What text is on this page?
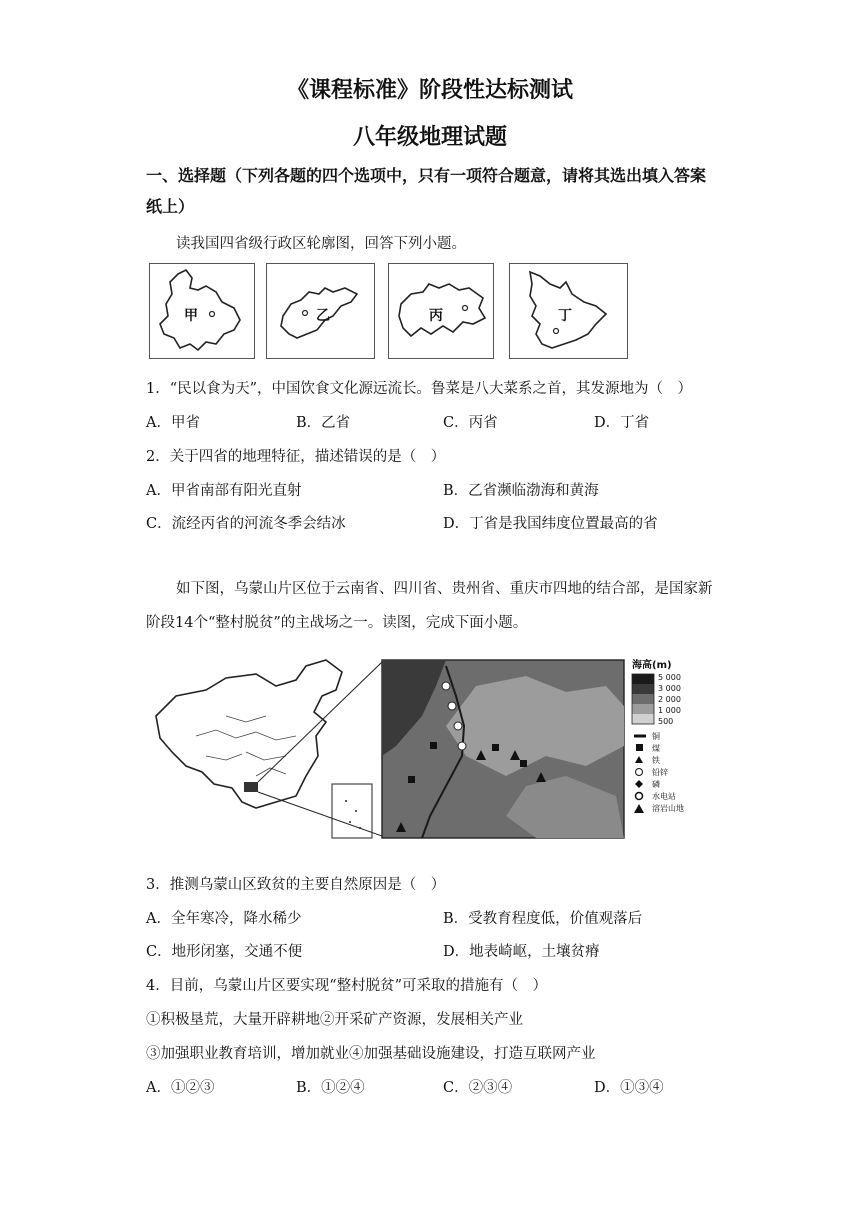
《课程标准》阶段性达标测试
八年级地理试题
一、选择题（下列各题的四个选项中，只有一项符合题意，请将其选出填入答案纸上）
读我国四省级行政区轮廓图，回答下列小题。
甲	乙	丙	丁
1．“民以食为天”，中国饮食文化源远流长。鲁菜是八大菜系之首，其发源地为（　）
A．甲省	B．乙省	C．丙省	D．丁省
2．关于四省的地理特征，描述错误的是（　）
A．甲省南部有阳光直射	B．乙省濒临渤海和黄海
C．流经丙省的河流冬季会结冰	D．丁省是我国纬度位置最高的省
如下图，乌蒙山片区位于云南省、四川省、贵州省、重庆市四地的结合部，是国家新阶段14个“整村脱贫”的主战场之一。读图，完成下面小题。
海高(m)
5 000
3 000
2 000
1 000
500
铜
煤
铁
铅锌
磷
水电站
溶岩山地
3．推测乌蒙山区致贫的主要自然原因是（　）
A．全年寒冷，降水稀少	B．受教育程度低，价值观落后
C．地形闭塞，交通不便	D．地表崎岖，土壤贫瘠
4．目前，乌蒙山片区要实现“整村脱贫”可采取的措施有（　）
①积极垦荒，大量开辟耕地②开采矿产资源，发展相关产业
③加强职业教育培训，增加就业④加强基础设施建设，打造互联网产业
A．①②③	B．①②④	C．②③④	D．①③④
